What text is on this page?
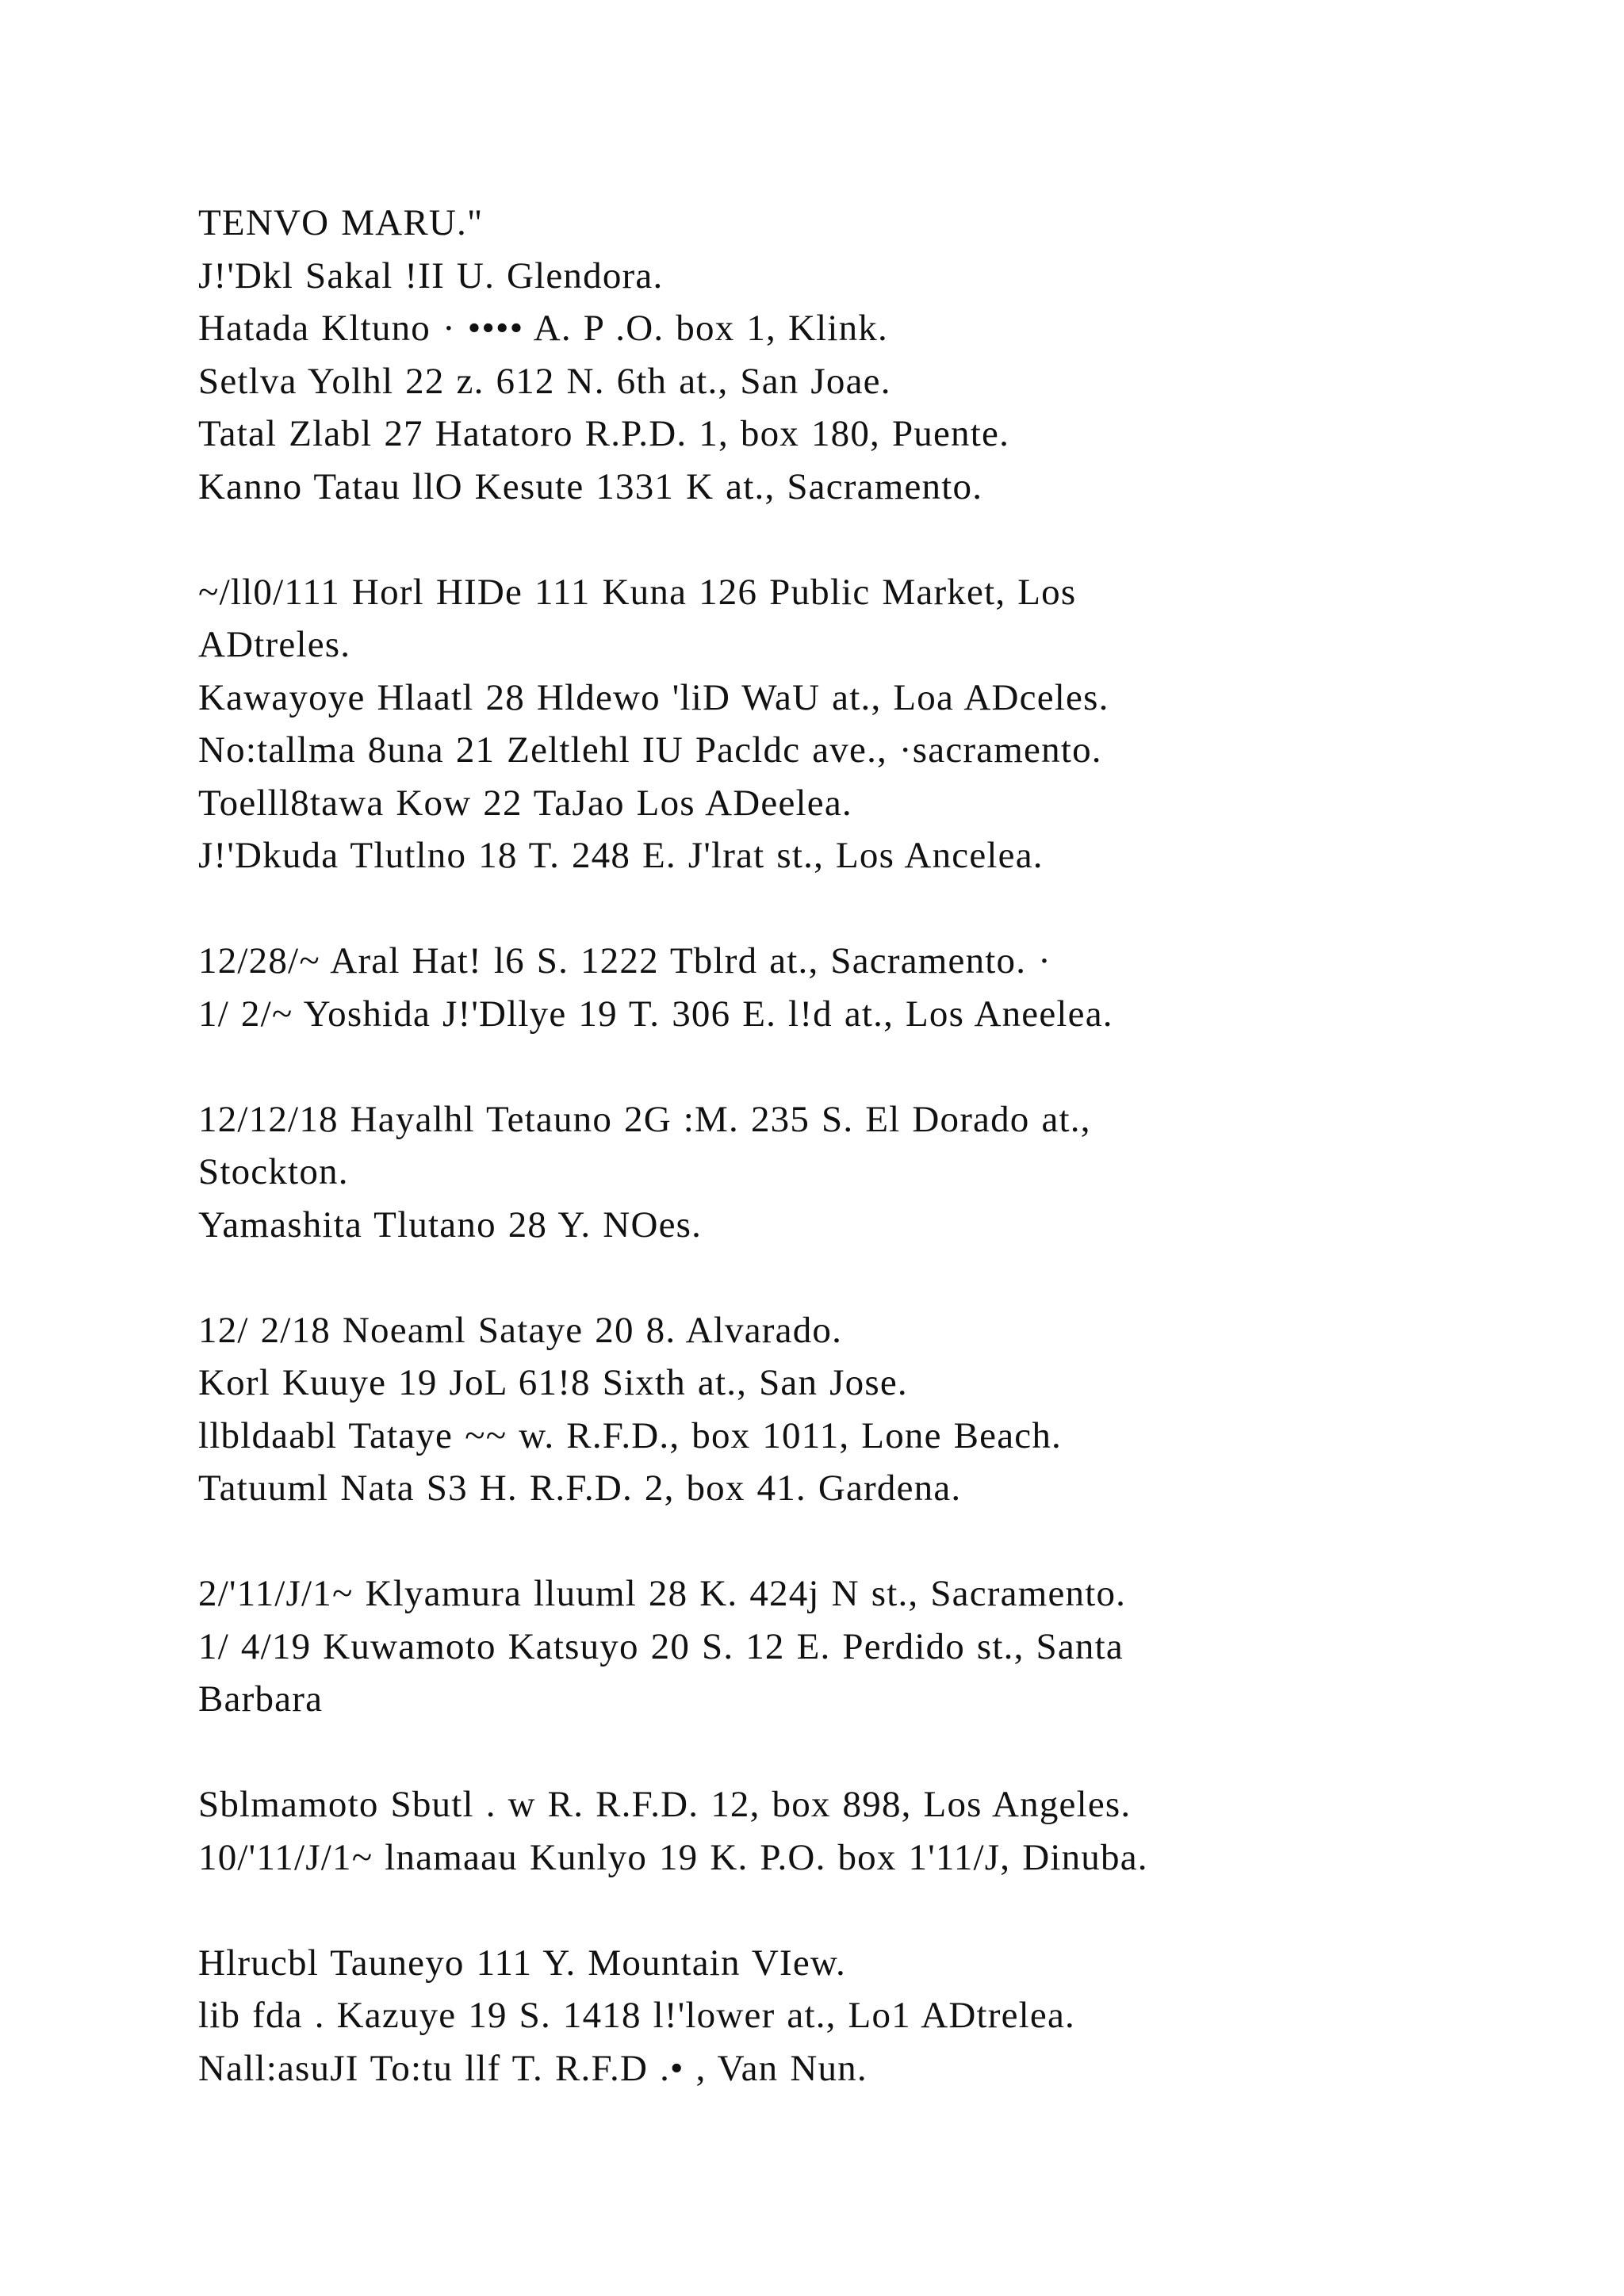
TENVO MARU."
J!'Dkl Sakal !II U. Glendora.
Hatada Kltuno · •••• A. P .O. box 1, Klink.
Setlva Yolhl 22 z. 612 N. 6th at., San Joae.
Tatal Zlabl 27 Hatatoro R.P.D. 1, box 180, Puente.
Kanno Tatau llO Kesute 1331 K at., Sacramento.
~/ll0/111 Horl HIDe 111 Kuna 126 Public Market, Los
ADtreles.
Kawayoye Hlaatl 28 Hldewo 'liD WaU at., Loa ADceles.
No:tallma 8una 21 Zeltlehl IU Pacldc ave., ·sacramento.
Toelll8tawa Kow 22 TaJao Los ADeelea.
J!'Dkuda Tlutlno 18 T. 248 E. J'lrat st., Los Ancelea.
12/28/~ Aral Hat! l6 S. 1222 Tblrd at., Sacramento. ·
1/ 2/~ Yoshida J!'Dllye 19 T. 306 E. l!d at., Los Aneelea.
12/12/18 Hayalhl Tetauno 2G :M. 235 S. El Dorado at.,
Stockton.
Yamashita Tlutano 28 Y. NOes.
12/ 2/18 Noeaml Sataye 20 8. Alvarado.
Korl Kuuye 19 JoL 61!8 Sixth at., San Jose.
llbldaabl Tataye ~~ w. R.F.D., box 1011, Lone Beach.
Tatuuml Nata S3 H. R.F.D. 2, box 41. Gardena.
2/'11/J/1~ Klyamura lluuml 28 K. 424j N st., Sacramento.
1/ 4/19 Kuwamoto Katsuyo 20 S. 12 E. Perdido st., Santa
Barbara
Sblmamoto Sbutl . w R. R.F.D. 12, box 898, Los Angeles.
10/'11/J/1~ lnamaau Kunlyo 19 K. P.O. box 1'11/J, Dinuba.
Hlrucbl Tauneyo 111 Y. Mountain VIew.
lib fda . Kazuye 19 S. 1418 l!'lower at., Lo1 ADtrelea.
Nall:asuJI To:tu llf T. R.F.D .• , Van Nun.
